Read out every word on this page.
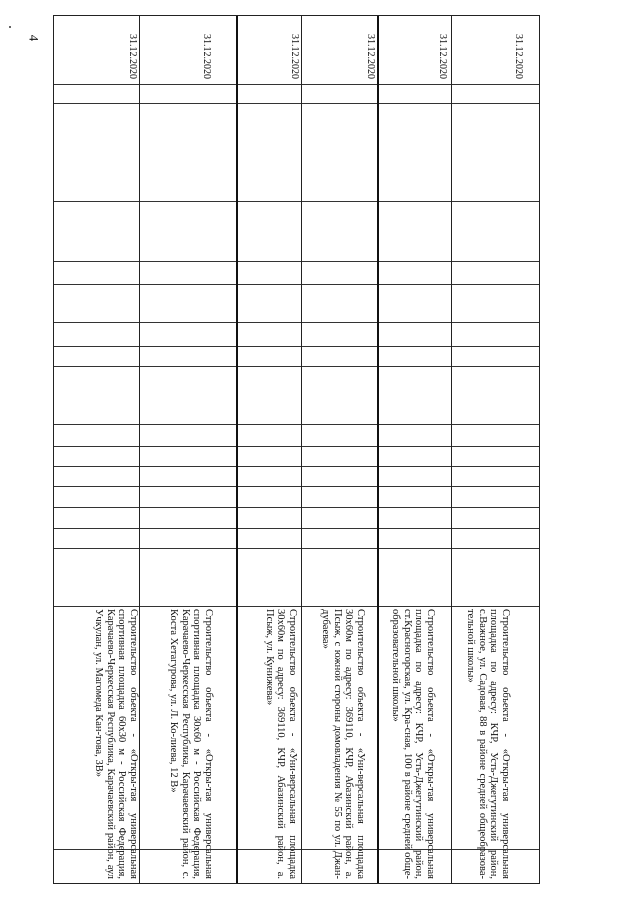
4
Строительство объекта - «Откры-тая универсальная спортивная площадка 60х30 м - Российская Федерация, Карачаево-Черкесская Республика, Карачаевский район, аул Учкулан, ул. Магомеда Кан-това, 3В»
31.12.2020
Строительство объекта - «Откры-тая универсальная спортивная площадка 30х60 м - Российская Федерация, Карачаево-Черкесская Республика, Карачаевский район, с. Коста Хетагурова, ул. Л. Ко-лиева, 12 В»
31.12.2020
Строительство объекта - «Уни-версальная площадка 30х60м по адресу: 369110, КЧР, Абазинский район, а. Псыж, ул. Кунижева»
31.12.2020
Строительство объекта - «Уни-версальная площадка 30х60м по адресу: 369110, КЧР, Абазинский район, а. Псыж, с южной стороны домовладения № 55 по ул. Джан-дубаева»
31.12.2020
Строительство объекта - «Откры-тая универсальная площадка по адресу: КЧР, Усть-Джегутинский район, ст.Красногорская, ул. Кра-сная, 100 в районе средней обще-образовательной школы»
31.12.2020
Строительство объекта - «Откры-тая универсальная площадка по адресу: КЧР, Усть-Джегутинский район, с.Важное, ул. Садовая, 88 в районе средней общеобразова-тельной школы»
31.12.2020
